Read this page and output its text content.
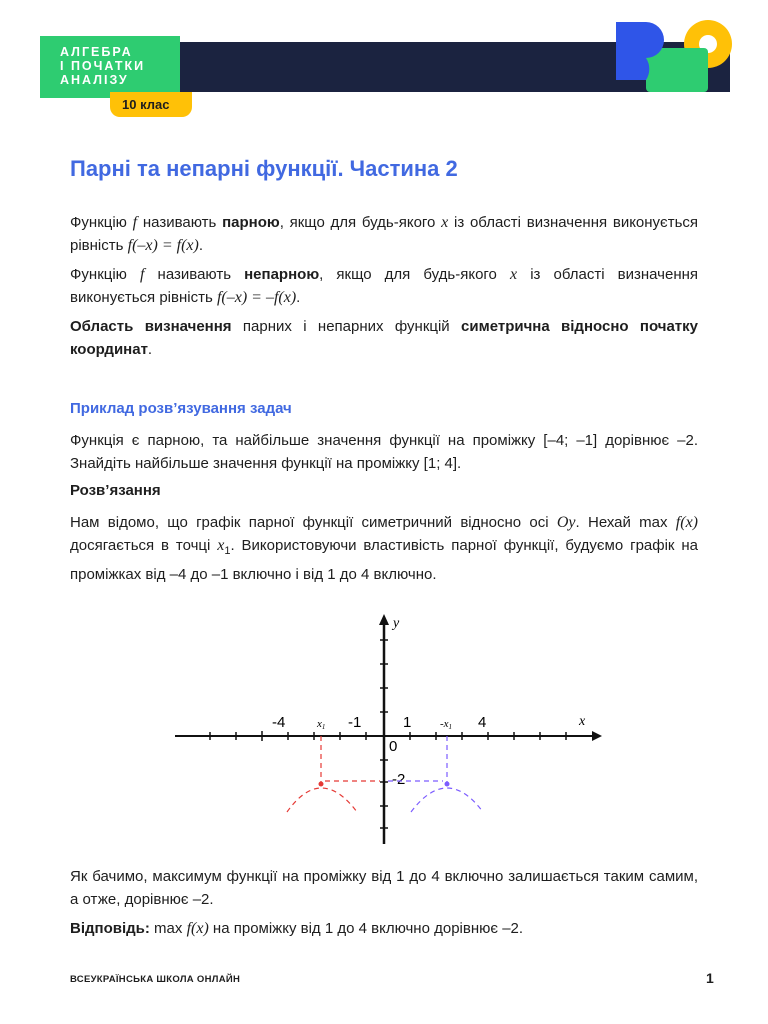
АЛГЕБРА
І ПОЧАТКИ
АНАЛІЗУ
10 клас
Парні та непарні функції. Частина 2

Функцію f називають парною, якщо для будь-якого x із області визначення виконується рівність f(–x) = f(x).

Функцію f називають непарною, якщо для будь-якого x із області визначення виконується рівність f(–x) = –f(x).

Область визначення парних і непарних функцій симетрична відносно початку координат.

Приклад розв’язування задач

Функція є парною, та найбільше значення функції на проміжку [–4; –1] дорівнює –2. Знайдіть найбільше значення функції на проміжку [1; 4].

Розв’язання

Нам відомо, що графік парної функції симетричний відносно осі Oy. Нехай max f(x) досягається в точці $x_1$. Використовуючи властивість парної функції, будуємо графік на проміжках від –4 до –1 включно і від 1 до 4 включно.

y
x
-4	x1 -1	1	-x1 4
0
-2

Як бачимо, максимум функції на проміжку від 1 до 4 включно залишається таким самим, а отже, дорівнює –2.

Відповідь: max f(x) на проміжку від 1 до 4 включно дорівнює –2.

ВСЕУКРАЇНСЬКА ШКОЛА ОНЛАЙН	1
